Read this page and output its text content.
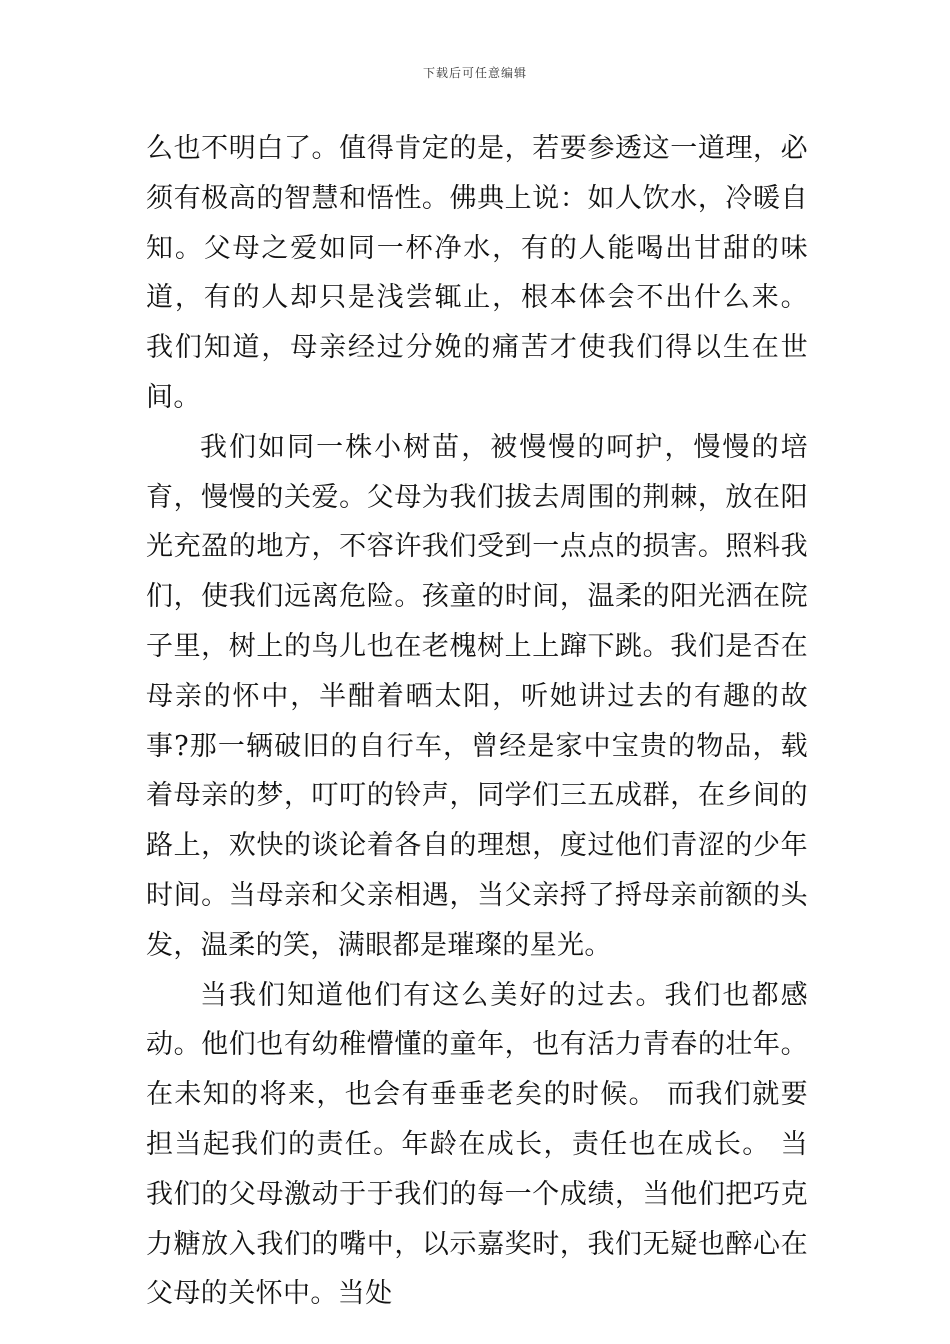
下载后可任意编辑

么也不明白了。值得肯定的是，若要参透这一道理，必须有极高的智慧和悟性。佛典上说：如人饮水，冷暖自知。父母之爱如同一杯净水，有的人能喝出甘甜的味道，有的人却只是浅尝辄止，根本体会不出什么来。 我们知道，母亲经过分娩的痛苦才使我们得以生在世间。

我们如同一株小树苗，被慢慢的呵护，慢慢的培育，慢慢的关爱。父母为我们拔去周围的荆棘，放在阳光充盈的地方，不容许我们受到一点点的损害。照料我们，使我们远离危险。孩童的时间，温柔的阳光洒在院子里，树上的鸟儿也在老槐树上上蹿下跳。我们是否在母亲的怀中，半酣着晒太阳，听她讲过去的有趣的故事?那一辆破旧的自行车，曾经是家中宝贵的物品，载着母亲的梦，叮叮的铃声，同学们三五成群，在乡间的路上，欢快的谈论着各自的理想，度过他们青涩的少年时间。当母亲和父亲相遇，当父亲捋了捋母亲前额的头发，温柔的笑，满眼都是璀璨的星光。

当我们知道他们有这么美好的过去。我们也都感动。他们也有幼稚懵懂的童年，也有活力青春的壮年。在未知的将来，也会有垂垂老矣的时候。 而我们就要担当起我们的责任。年龄在成长，责任也在成长。 当我们的父母激动于于我们的每一个成绩，当他们把巧克力糖放入我们的嘴中，以示嘉奖时，我们无疑也醉心在父母的关怀中。当处
